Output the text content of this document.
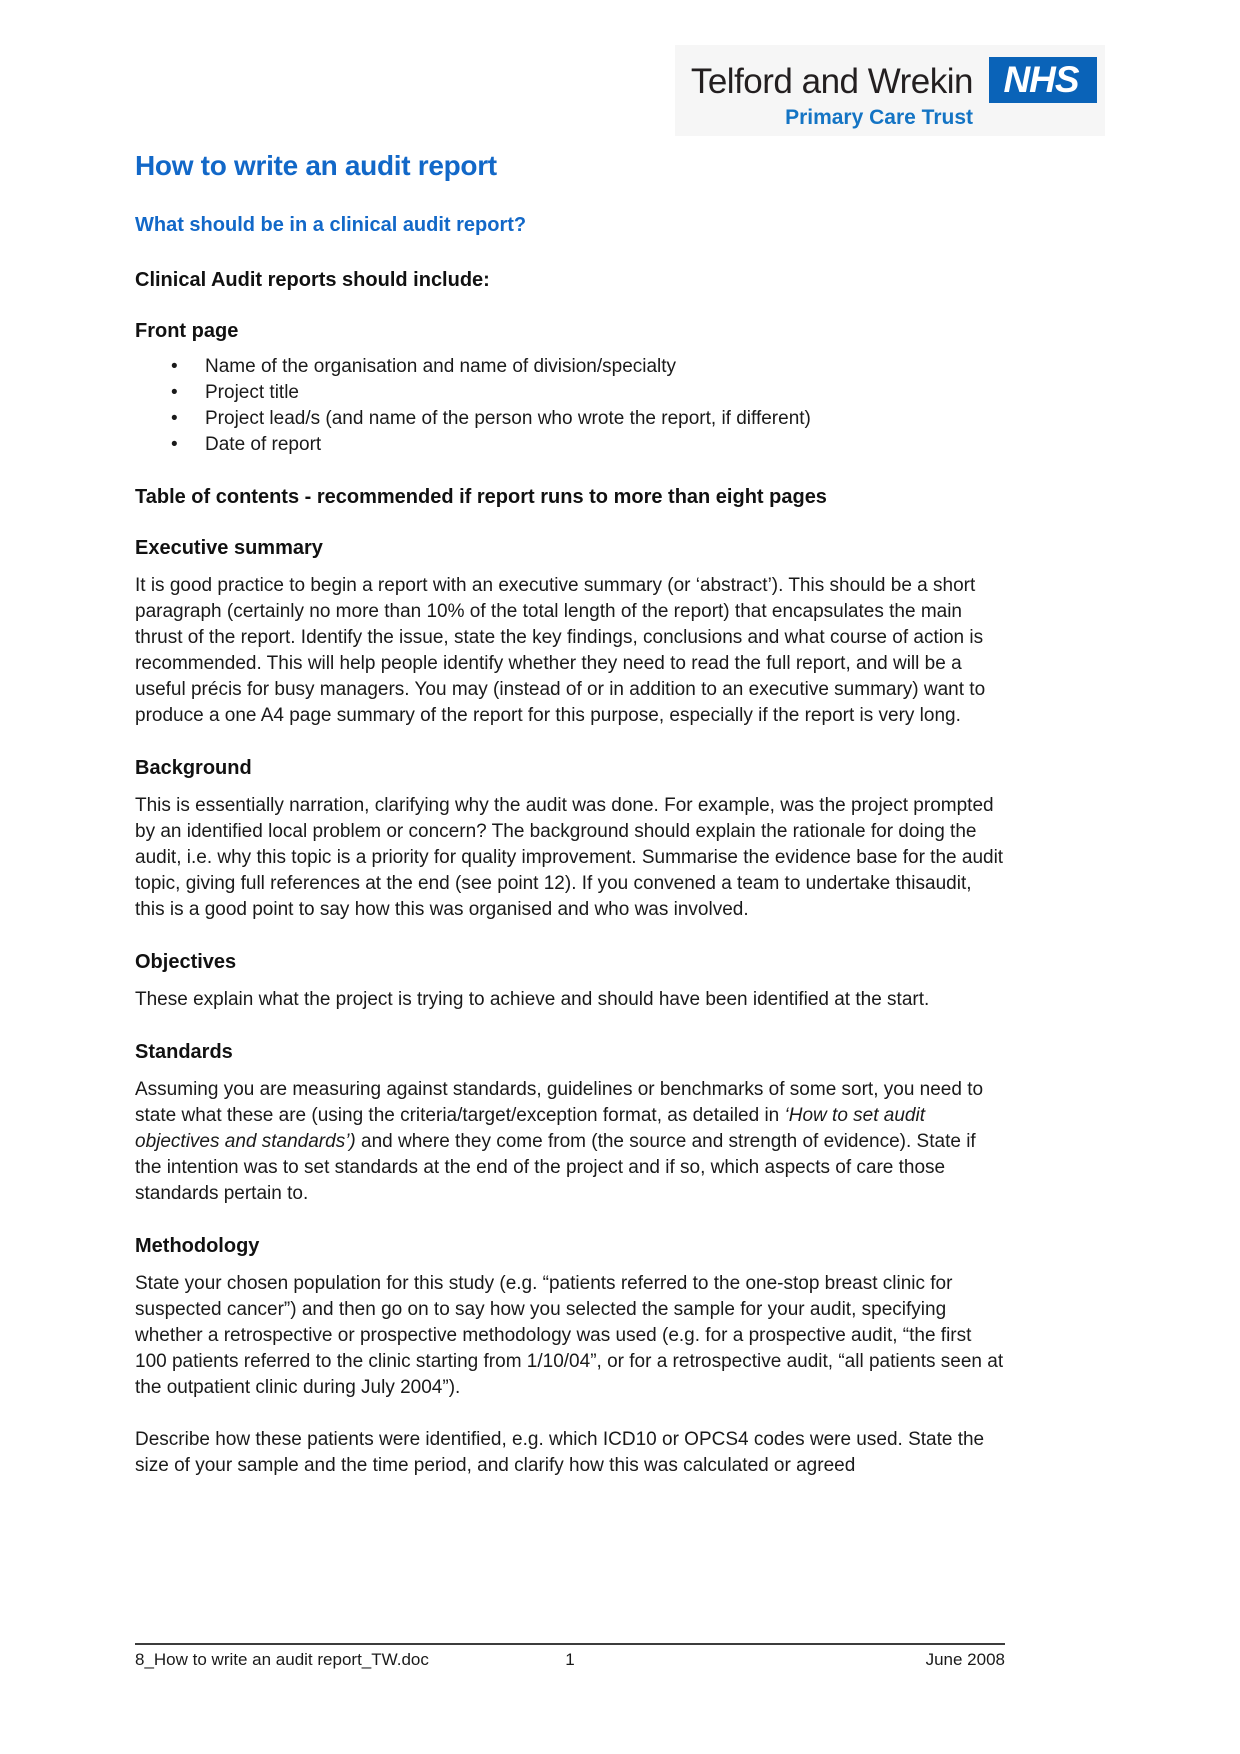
Telford and Wrekin
Primary Care Trust
NHS
How to write an audit report
What should be in a clinical audit report?
Clinical Audit reports should include:
Front page
• Name of the organisation and name of division/specialty
• Project title
• Project lead/s (and name of the person who wrote the report, if different)
• Date of report
Table of contents - recommended if report runs to more than eight pages
Executive summary

It is good practice to begin a report with an executive summary (or ‘abstract’). This should be a short paragraph (certainly no more than 10% of the total length of the report) that encapsulates the main thrust of the report. Identify the issue, state the key findings, conclusions and what course of action is recommended. This will help people identify whether they need to read the full report, and will be a useful précis for busy managers. You may (instead of or in addition to an executive summary) want to produce a one A4 page summary of the report for this purpose, especially if the report is very long.

Background

This is essentially narration, clarifying why the audit was done. For example, was the project prompted by an identified local problem or concern? The background should explain the rationale for doing the audit, i.e. why this topic is a priority for quality improvement. Summarise the evidence base for the audit topic, giving full references at the end (see point 12). If you convened a team to undertake thisaudit, this is a good point to say how this was organised and who was involved.

Objectives

These explain what the project is trying to achieve and should have been identified at the start.

Standards

Assuming you are measuring against standards, guidelines or benchmarks of some sort, you need to state what these are (using the criteria/target/exception format, as detailed in ‘How to set audit objectives and standards’) and where they come from (the source and strength of evidence). State if the intention was to set standards at the end of the project and if so, which aspects of care those standards pertain to.

Methodology

State your chosen population for this study (e.g. “patients referred to the one-stop breast clinic for suspected cancer”) and then go on to say how you selected the sample for your audit, specifying whether a retrospective or prospective methodology was used (e.g. for a prospective audit, “the first 100 patients referred to the clinic starting from 1/10/04”, or for a retrospective audit, “all patients seen at the outpatient clinic during July 2004”).

Describe how these patients were identified, e.g. which ICD10 or OPCS4 codes were used. State the size of your sample and the time period, and clarify how this was calculated or agreed

8_How to write an audit report_TW.doc	1	June 2008
